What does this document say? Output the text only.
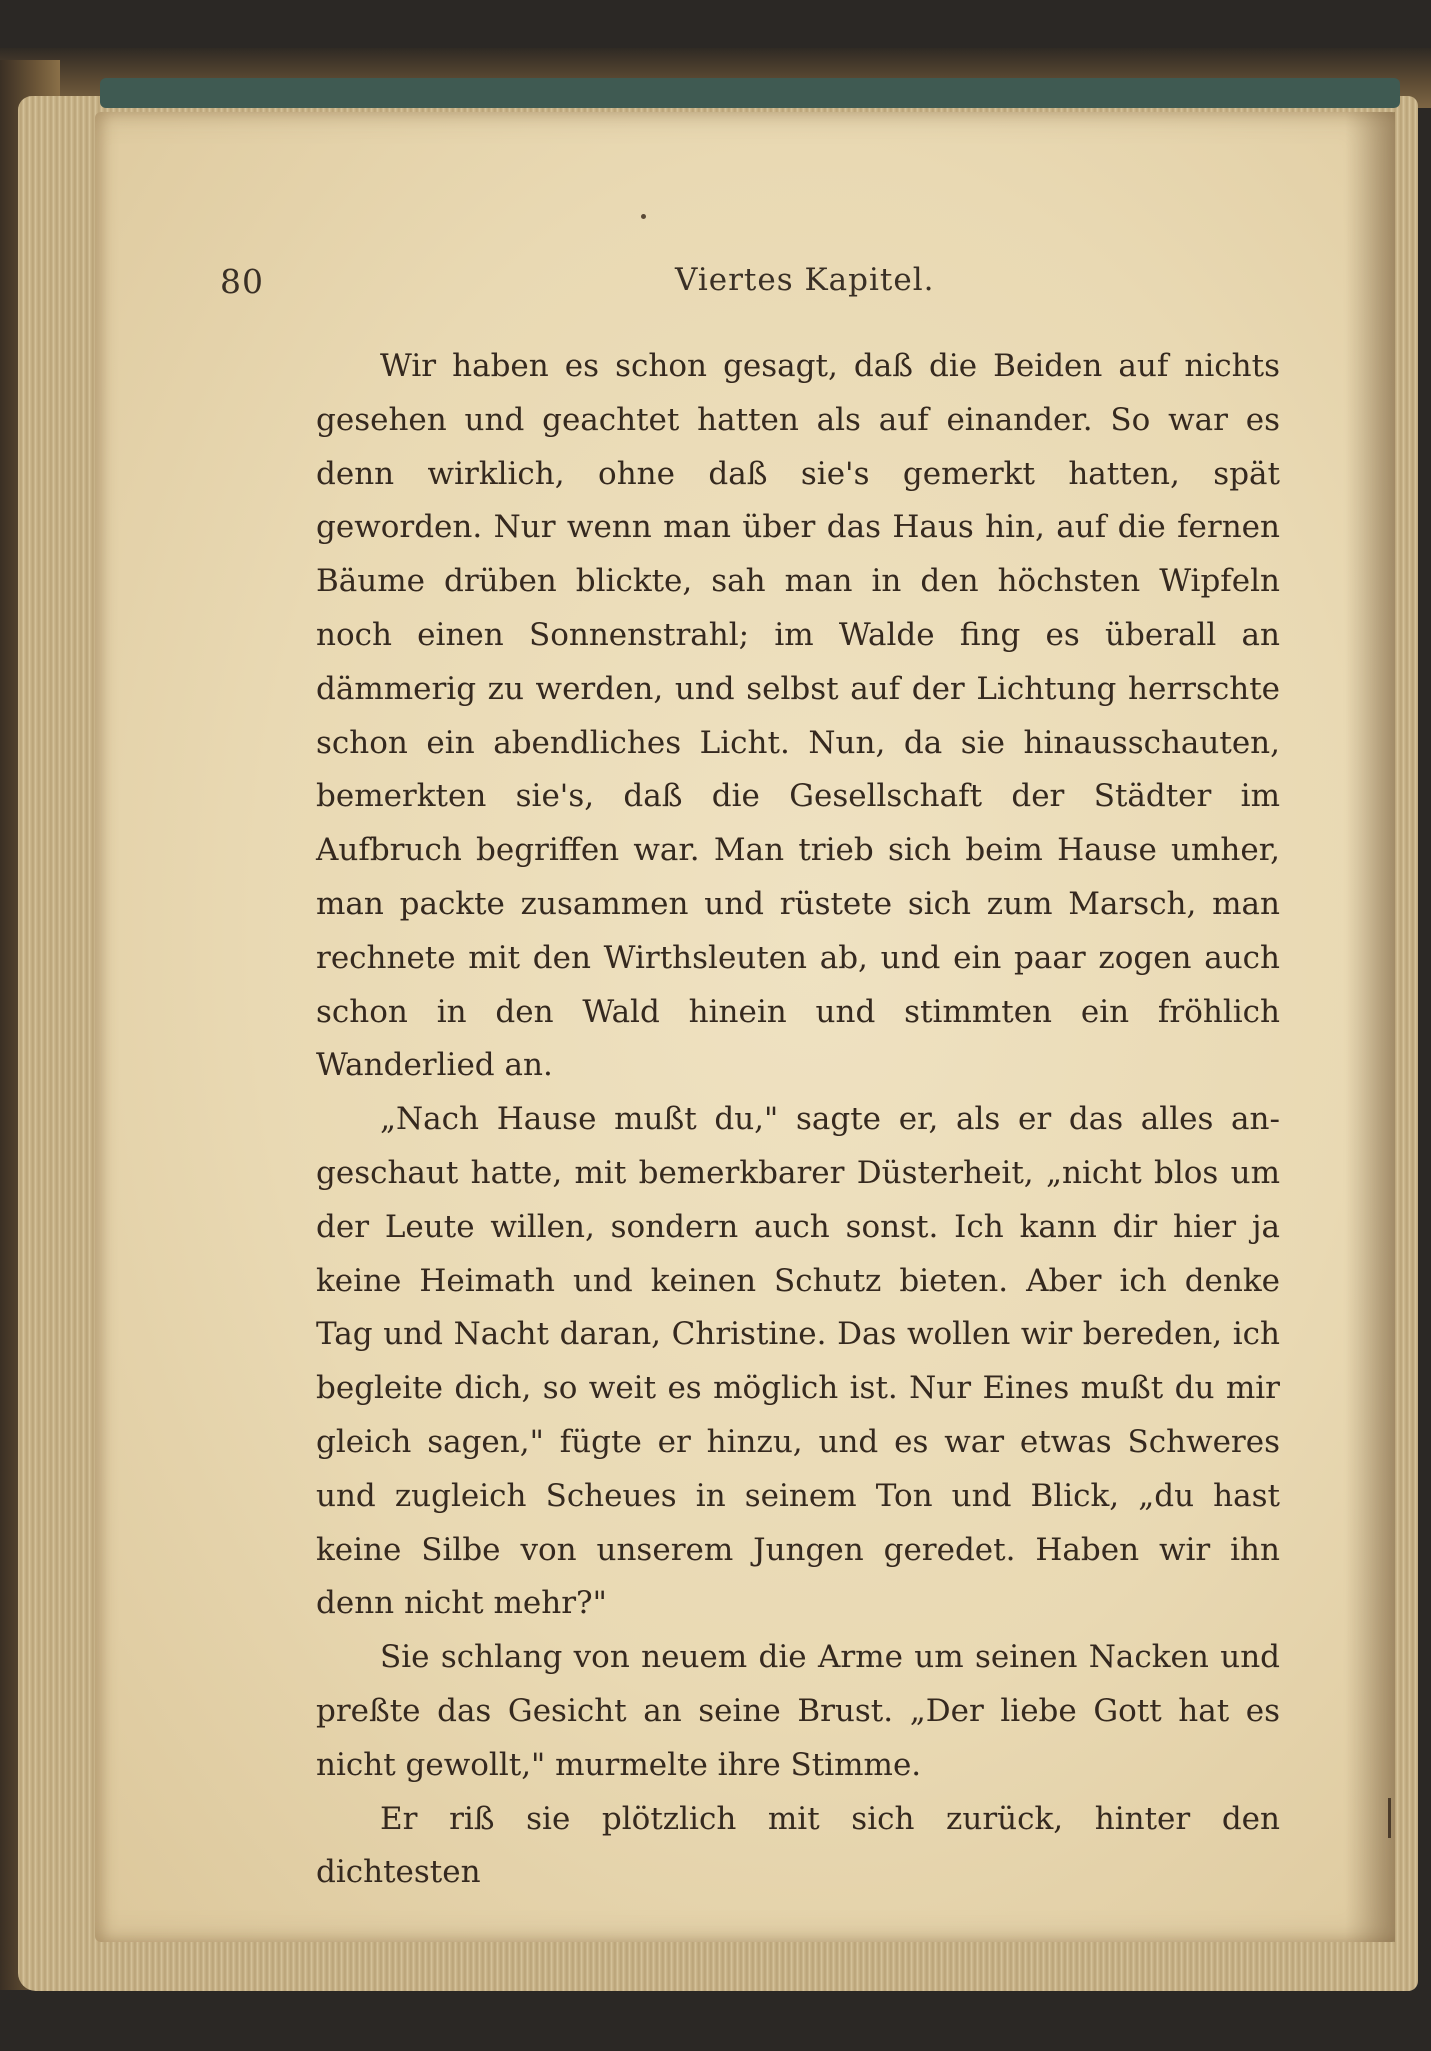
80	Viertes Kapitel.

Wir haben es schon gesagt, daß die Beiden auf nichts gesehen und geachtet hatten als auf einander. So war es denn wirklich, ohne daß sie's gemerkt hatten, spät geworden. Nur wenn man über das Haus hin, auf die fernen Bäume drüben blickte, sah man in den höchsten Wipfeln noch einen Sonnenstrahl; im Walde fing es überall an dämmerig zu werden, und selbst auf der Lichtung herrschte schon ein abendliches Licht. Nun, da sie hinausschauten, bemerkten sie's, daß die Gesellschaft der Städter im Aufbruch begriffen war. Man trieb sich beim Hause umher, man packte zusammen und rüstete sich zum Marsch, man rechnete mit den Wirthsleuten ab, und ein paar zogen auch schon in den Wald hinein und stimmten ein fröhlich Wanderlied an.

„Nach Hause mußt du," sagte er, als er das alles angeschaut hatte, mit bemerkbarer Düsterheit, „nicht blos um der Leute willen, sondern auch sonst. Ich kann dir hier ja keine Heimath und keinen Schutz bieten. Aber ich denke Tag und Nacht daran, Christine. Das wollen wir bereden, ich begleite dich, so weit es möglich ist. Nur Eines mußt du mir gleich sagen," fügte er hinzu, und es war etwas Schweres und zugleich Scheues in seinem Ton und Blick, „du hast keine Silbe von unserem Jungen geredet. Haben wir ihn denn nicht mehr?"

Sie schlang von neuem die Arme um seinen Nacken und preßte das Gesicht an seine Brust. „Der liebe Gott hat es nicht gewollt," murmelte ihre Stimme.

Er riß sie plötzlich mit sich zurück, hinter den dichtesten
